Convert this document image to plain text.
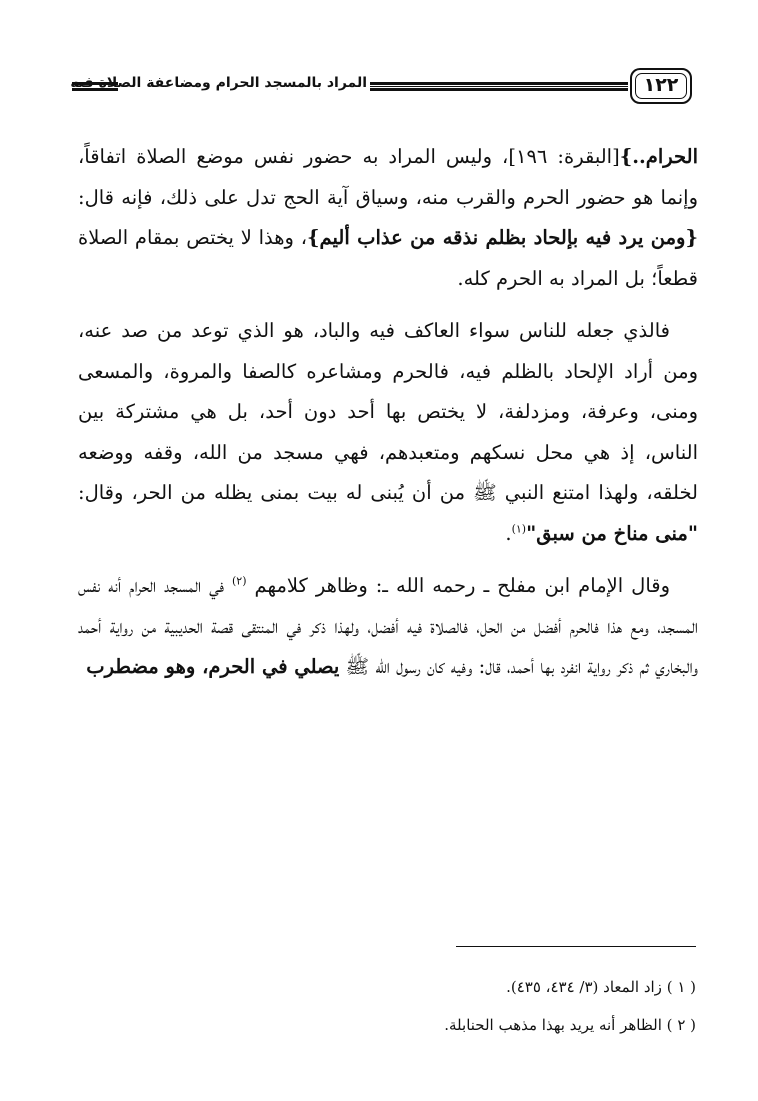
المراد بالمسجد الحرام ومضاعفة الصلاة فيه	١٢٢

الحرام..}[البقرة: ١٩٦]، وليس المراد به حضور نفس موضع الصلاة اتفاقاً، وإنما هو حضور الحرم والقرب منه، وسياق آية الحج تدل على ذلك، فإنه قال: {ومن يرد فيه بإلحاد بظلم نذقه من عذاب أليم}، وهذا لا يختص بمقام الصلاة قطعاً؛ بل المراد به الحرم كله.

فالذي جعله للناس سواء العاكف فيه والباد، هو الذي توعد من صد عنه، ومن أراد الإلحاد بالظلم فيه، فالحرم ومشاعره كالصفا والمروة، والمسعى ومنى، وعرفة، ومزدلفة، لا يختص بها أحد دون أحد، بل هي مشتركة بين الناس، إذ هي محل نسكهم ومتعبدهم، فهي مسجد من الله، وقفه ووضعه لخلقه، ولهذا امتنع النبي ﷺ من أن يُبنى له بيت بمنى يظله من الحر، وقال: "منى مناخ من سبق"$^{(١)}$.

وقال الإمام ابن مفلح ـ رحمه الله ـ: وظاهر كلامهم $^{(٢)}$ في المسجد الحرام أنه نفس المسجد، ومع هذا فالحرم أفضل من الحل، فالصلاة فيه أفضل، ولهذا ذكر في المنتقى قصة الحديبية من رواية أحمد والبخاري ثم ذكر رواية انفرد بها أحمد، قال: وفيه كان رسول الله ﷺ يصلي في الحرم، وهو مضطرب

( ١ ) زاد المعاد (٣/ ٤٣٤، ٤٣٥).

( ٢ ) الظاهر أنه يريد بهذا مذهب الحنابلة.
